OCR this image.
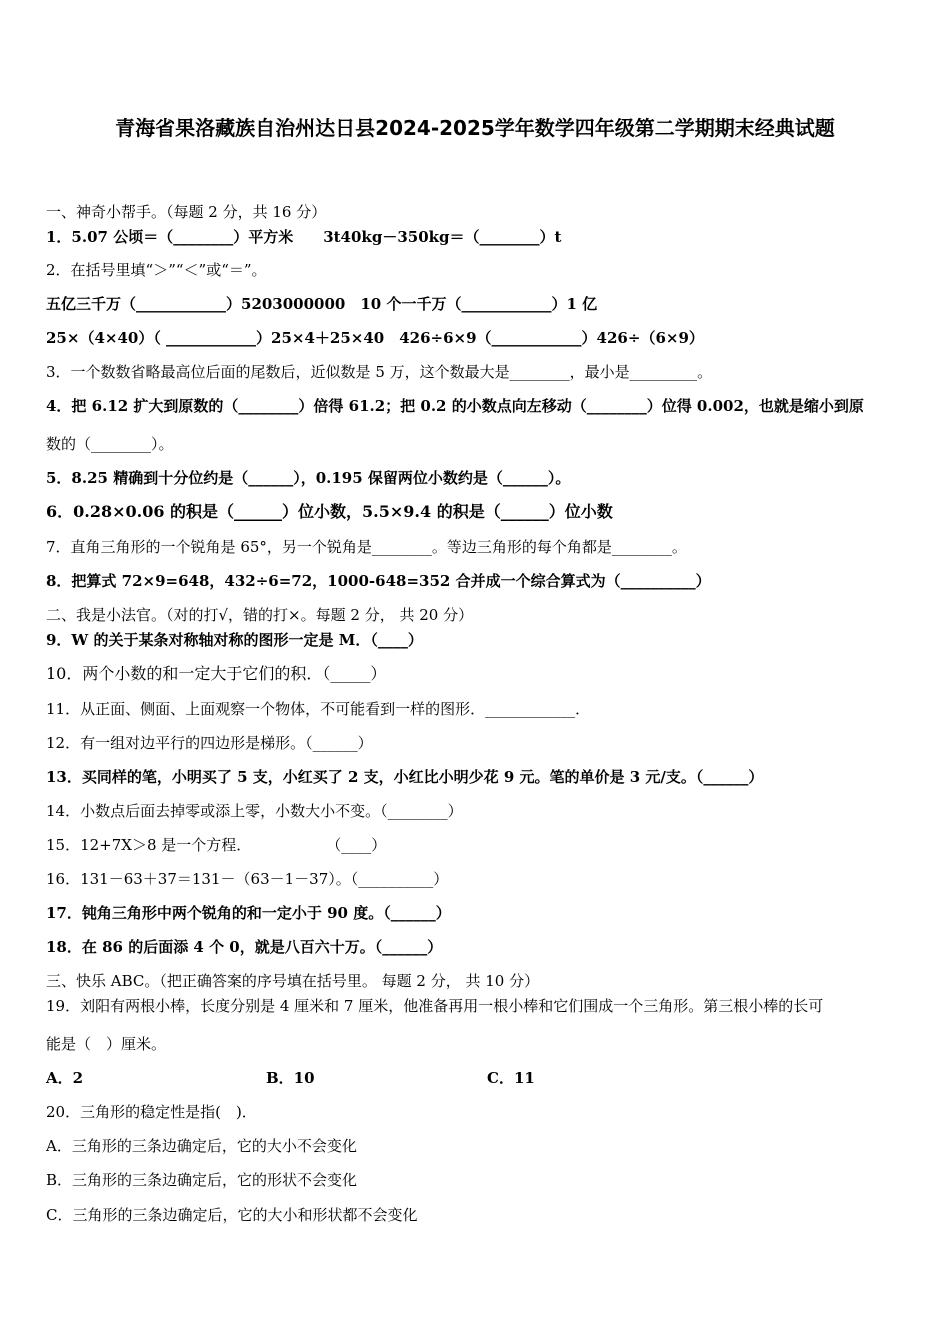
青海省果洛藏族自治州达日县2024-2025学年数学四年级第二学期期末经典试题
一、神奇小帮手。（每题 2 分，共 16 分）
1．5.07 公顷＝（________）平方米　　3t40kg－350kg＝（________）t
2．在括号里填“＞”“＜”或“＝”。
五亿三千万（____________）5203000000　10 个一千万（____________）1 亿
25×（4×40）（ ____________）25×4＋25×40　426÷6×9（____________）426÷（6×9）
3．一个数数省略最高位后面的尾数后，近似数是 5 万，这个数最大是________，最小是_________。
4．把 6.12 扩大到原数的（________）倍得 61.2；把 0.2 的小数点向左移动（________）位得 0.002，也就是缩小到原
数的（________）。
5．8.25 精确到十分位约是（______），0.195 保留两位小数约是（______）。
6．0.28×0.06 的积是（______）位小数，5.5×9.4 的积是（______）位小数
7．直角三角形的一个锐角是 65°，另一个锐角是________。等边三角形的每个角都是________。
8．把算式 72×9=648，432÷6=72，1000-648=352 合并成一个综合算式为（__________）
二、我是小法官。（对的打√，错的打×。每题 2 分， 共 20 分）
9．W 的关于某条对称轴对称的图形一定是 M．（____）
10．两个小数的和一定大于它们的积．（_____）
11．从正面、侧面、上面观察一个物体，不可能看到一样的图形．____________．
12．有一组对边平行的四边形是梯形。（______）
13．买同样的笔，小明买了 5 支，小红买了 2 支，小红比小明少花 9 元。笔的单价是 3 元/支。（______）
14．小数点后面去掉零或添上零，小数大小不变。（________）
15．12+7X＞8 是一个方程．　　　　　　（____）
16．131－63＋37＝131－（63－1－37）。（__________）
17．钝角三角形中两个锐角的和一定小于 90 度。（______）
18．在 86 的后面添 4 个 0，就是八百六十万。（______）
三、快乐 ABC。（把正确答案的序号填在括号里。 每题 2 分， 共 10 分）
19．刘阳有两根小棒，长度分别是 4 厘米和 7 厘米，他准备再用一根小棒和它们围成一个三角形。第三根小棒的长可
能是（　）厘米。
A．2	B．10	C．11
20．三角形的稳定性是指(　)．
A．三角形的三条边确定后，它的大小不会变化
B．三角形的三条边确定后，它的形状不会变化
C．三角形的三条边确定后，它的大小和形状都不会变化
